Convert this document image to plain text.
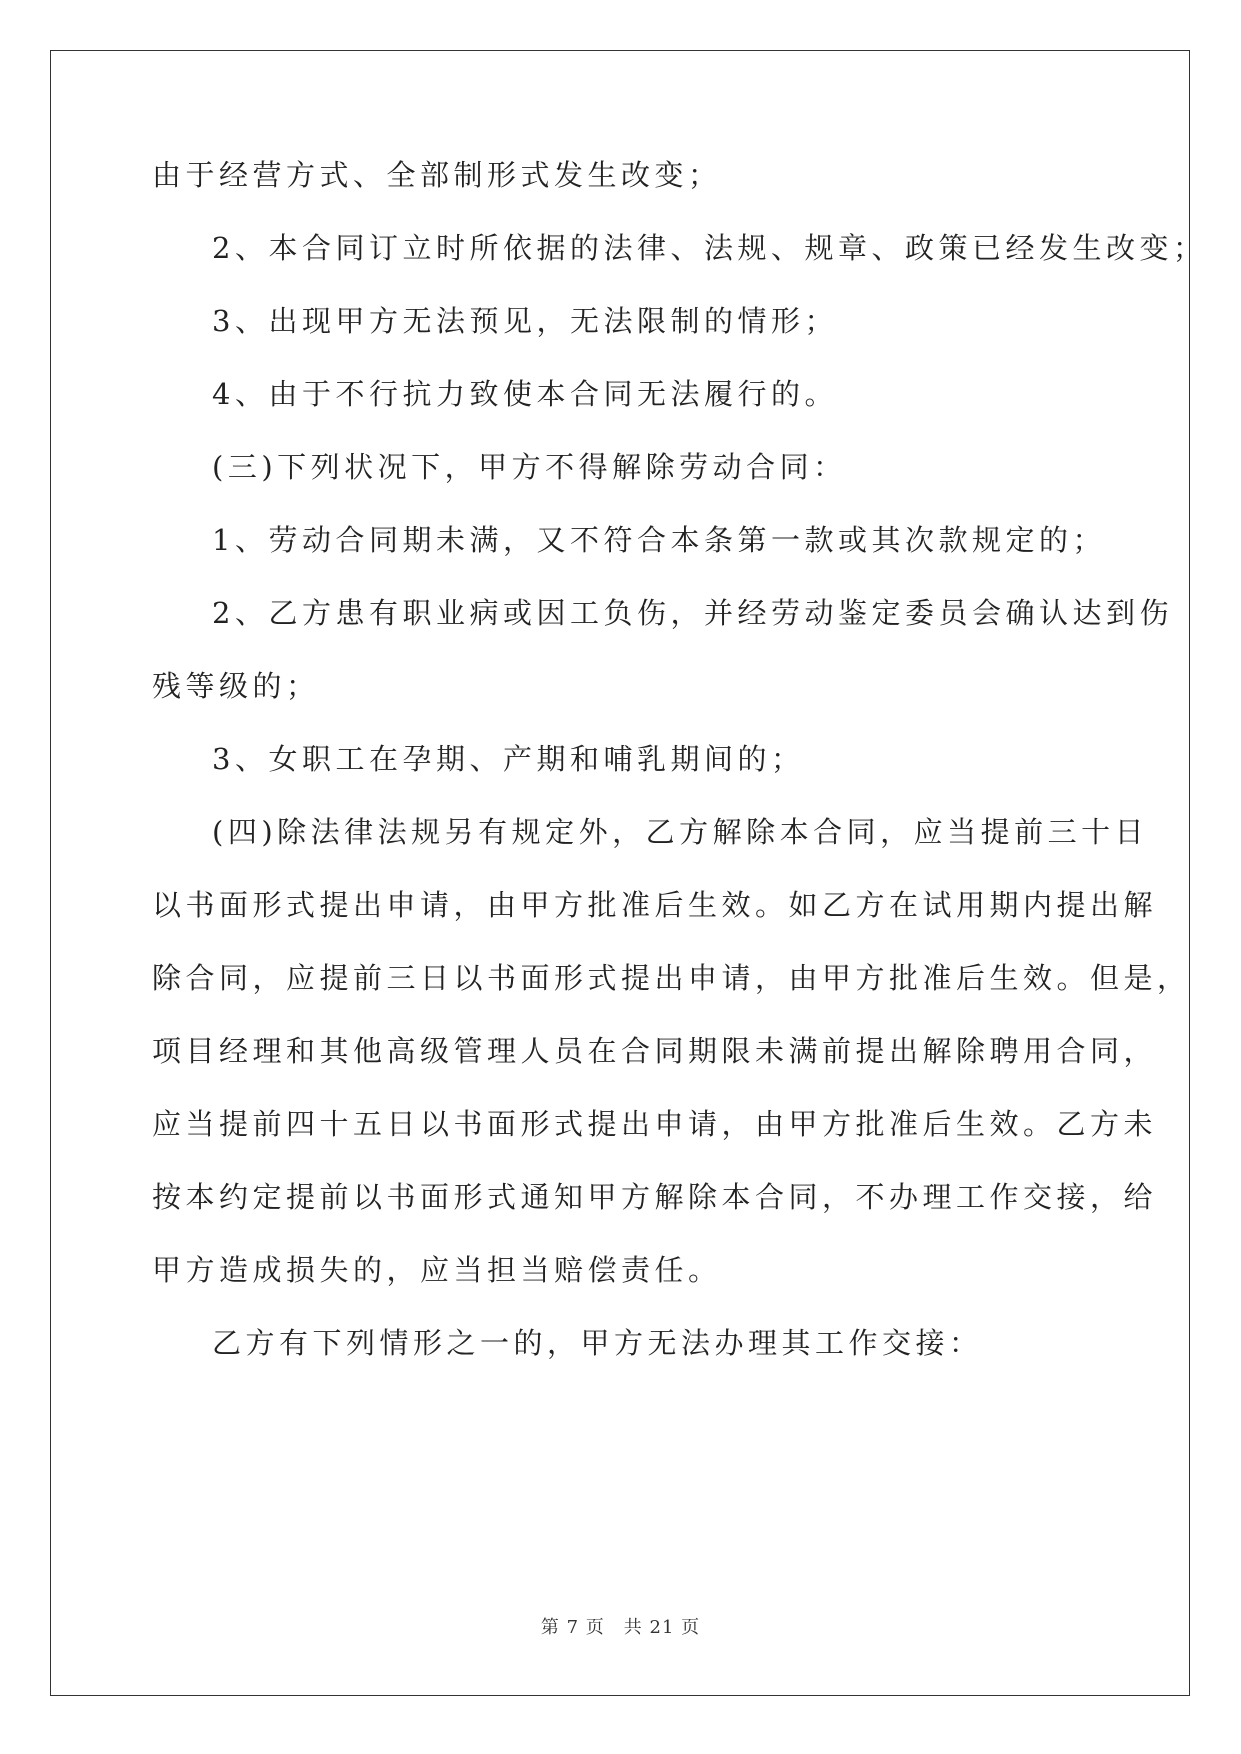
由于经营方式、全部制形式发生改变；
2、本合同订立时所依据的法律、法规、规章、政策已经发生改变；
3、出现甲方无法预见，无法限制的情形；
4、由于不行抗力致使本合同无法履行的。
(三)下列状况下，甲方不得解除劳动合同：
1、劳动合同期未满，又不符合本条第一款或其次款规定的；
2、乙方患有职业病或因工负伤，并经劳动鉴定委员会确认达到伤
残等级的；
3、女职工在孕期、产期和哺乳期间的；
(四)除法律法规另有规定外，乙方解除本合同，应当提前三十日
以书面形式提出申请，由甲方批准后生效。如乙方在试用期内提出解
除合同，应提前三日以书面形式提出申请，由甲方批准后生效。但是，
项目经理和其他高级管理人员在合同期限未满前提出解除聘用合同，
应当提前四十五日以书面形式提出申请，由甲方批准后生效。乙方未
按本约定提前以书面形式通知甲方解除本合同，不办理工作交接，给
甲方造成损失的，应当担当赔偿责任。
乙方有下列情形之一的，甲方无法办理其工作交接：
第 7 页　共 21 页
